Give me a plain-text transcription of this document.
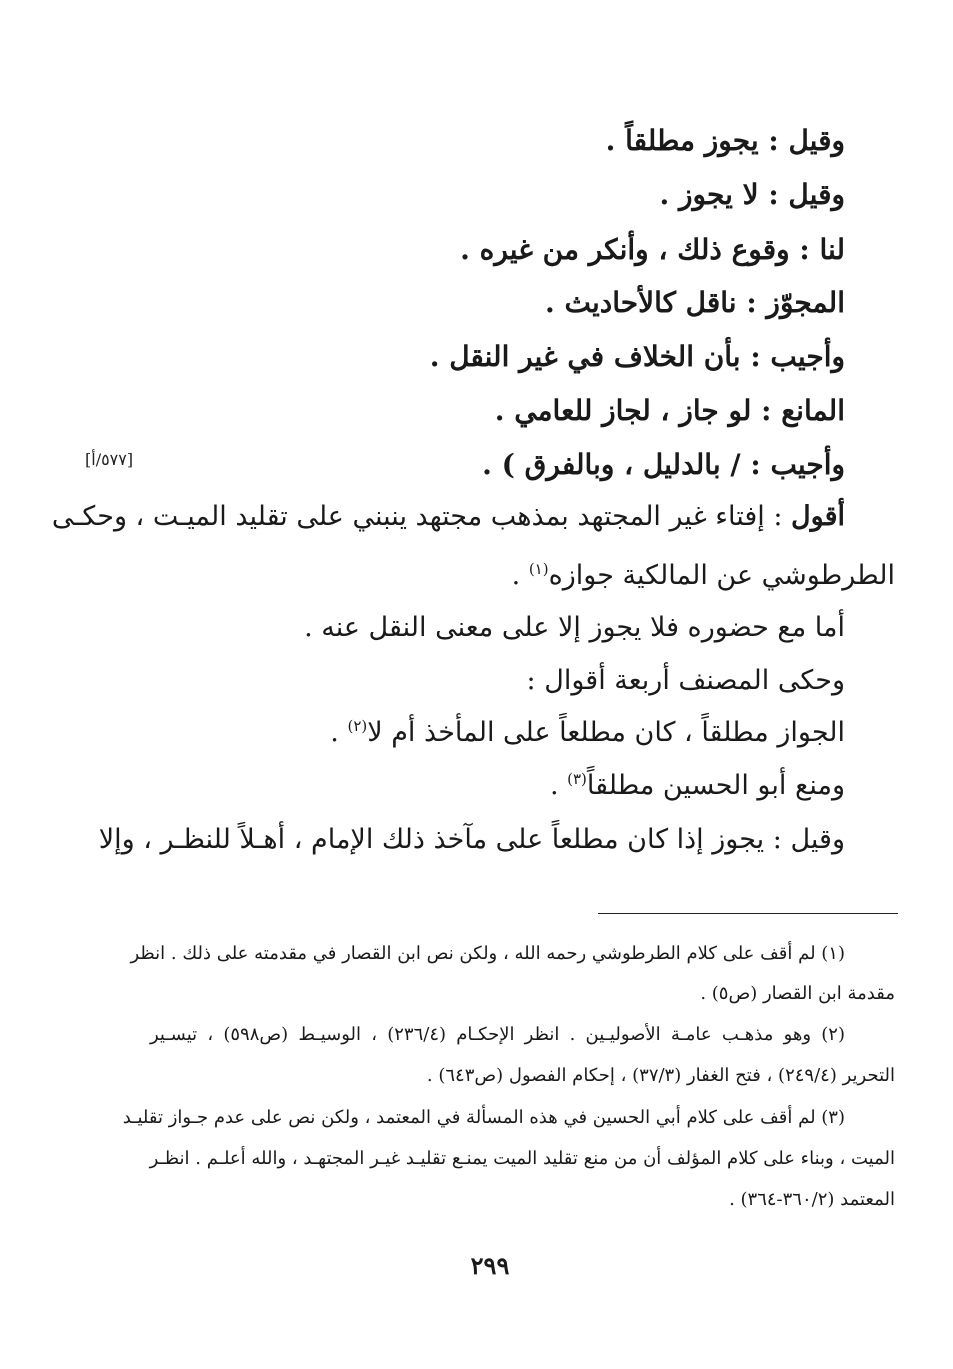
وقيل : يجوز مطلقاً .
وقيل : لا يجوز .
لنا : وقوع ذلك ، وأنكر من غيره .
المجوّز : ناقل كالأحاديث .
وأجيب : بأن الخلاف في غير النقل .
المانع : لو جاز ، لجاز للعامي .
وأجيب : / بالدليل ، وبالفرق ) .
[٥٧٧/أ]
أقول : إفتاء غير المجتهد بمذهب مجتهد ينبني على تقليد الميـت ، وحكـى
الطرطوشي عن المالكية جوازه$^{(١)}$ .
أما مع حضوره فلا يجوز إلا على معنى النقل عنه .
وحكى المصنف أربعة أقوال :
الجواز مطلقاً ، كان مطلعاً على المأخذ أم لا$^{(٢)}$ .
ومنع أبو الحسين مطلقاً$^{(٣)}$ .
وقيل : يجوز إذا كان مطلعاً على مآخذ ذلك الإمام ، أهـلاً للنظـر ، وإلا
(١) لم أقف على كلام الطرطوشي رحمه الله ، ولكن نص ابن القصار في مقدمته على ذلك . انظر
مقدمة ابن القصار (ص٥) .
(٢) وهو مذهـب عامـة الأصوليـين . انظر الإحكـام (٢٣٦/٤) ، الوسيـط (ص٥٩٨) ، تيسـير
التحرير (٢٤٩/٤) ، فتح الغفار (٣٧/٣) ، إحكام الفصول (ص٦٤٣) .
(٣) لم أقف على كلام أبي الحسين في هذه المسألة في المعتمد ، ولكن نص على عدم جـواز تقليـد
الميت ، وبناء على كلام المؤلف أن من منع تقليد الميت يمنـع تقليـد غيـر المجتهـد ، والله أعلـم . انظـر
المعتمد (٣٦٠/٢-٣٦٤) .
٢٩٩
